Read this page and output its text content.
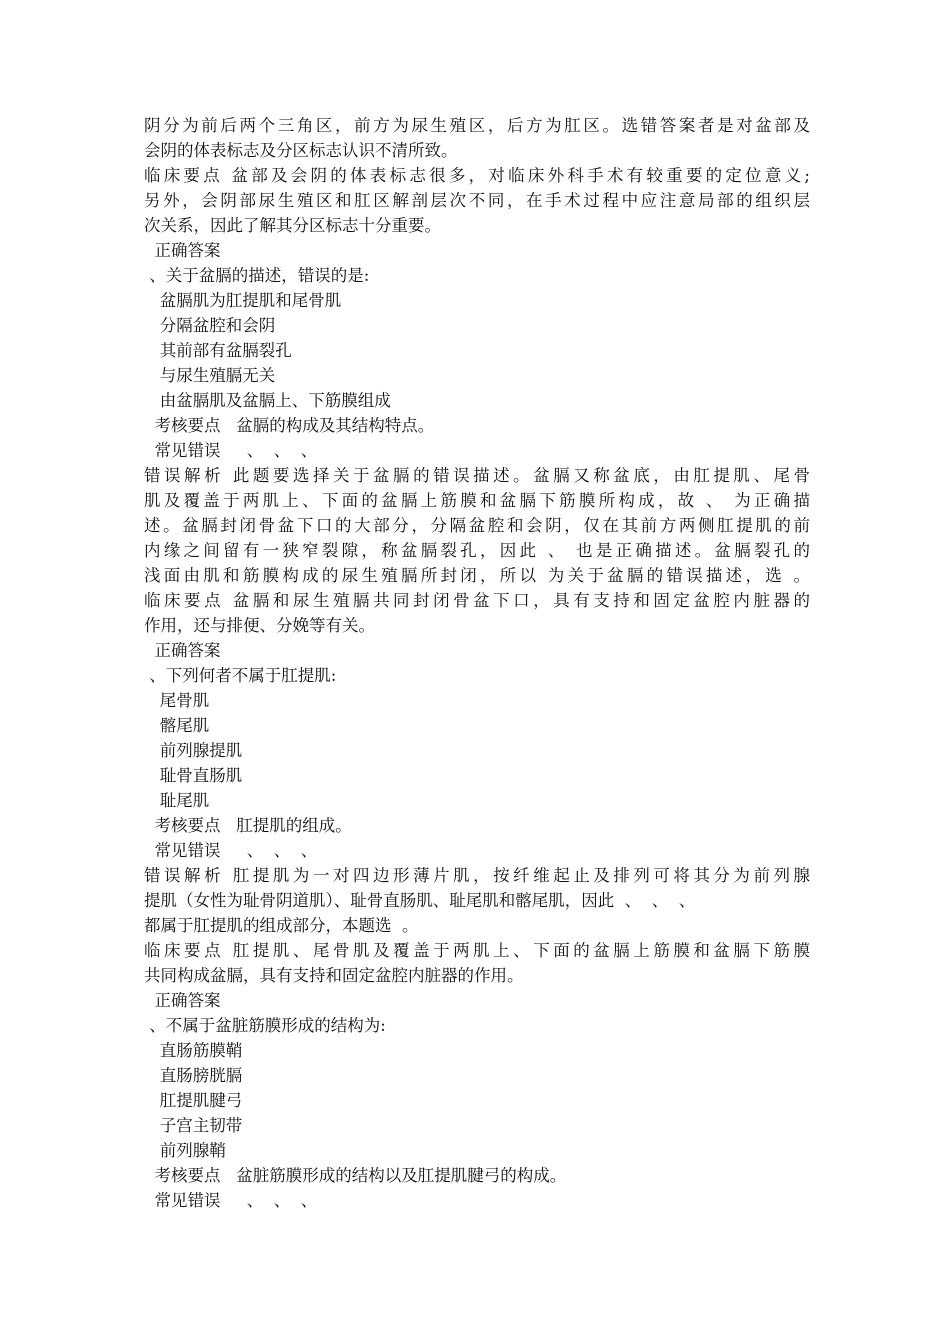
阴分为前后两个三角区，前方为尿生殖区，后方为肛区。选错答案者是对盆部及
会阴的体表标志及分区标志认识不清所致。
临床要点 盆部及会阴的体表标志很多，对临床外科手术有较重要的定位意义;
另外，会阴部尿生殖区和肛区解剖层次不同，在手术过程中应注意局部的组织层
次关系，因此了解其分区标志十分重要。
正确答案
、关于盆膈的描述，错误的是:
盆膈肌为肛提肌和尾骨肌
分隔盆腔和会阴
其前部有盆膈裂孔
与尿生殖膈无关
由盆膈肌及盆膈上、下筋膜组成
考核要点   盆膈的构成及其结构特点。
常见错误     、  、  、
错误解析 此题要选择关于盆膈的错误描述。盆膈又称盆底，由肛提肌、尾骨
肌及覆盖于两肌上、下面的盆膈上筋膜和盆膈下筋膜所构成，故 、 为正确描
述。盆膈封闭骨盆下口的大部分，分隔盆腔和会阴，仅在其前方两侧肛提肌的前
内缘之间留有一狭窄裂隙，称盆膈裂孔，因此 、 也是正确描述。盆膈裂孔的
浅面由肌和筋膜构成的尿生殖膈所封闭，所以 为关于盆膈的错误描述，选 。
临床要点 盆膈和尿生殖膈共同封闭骨盆下口，具有支持和固定盆腔内脏器的
作用，还与排便、分娩等有关。
正确答案
、下列何者不属于肛提肌:
尾骨肌
髂尾肌
前列腺提肌
耻骨直肠肌
耻尾肌
考核要点   肛提肌的组成。
常见错误     、  、  、
错误解析 肛提肌为一对四边形薄片肌，按纤维起止及排列可将其分为前列腺
提肌（女性为耻骨阴道肌）、耻骨直肠肌、耻尾肌和髂尾肌，因此  、  、  、
都属于肛提肌的组成部分，本题选  。
临床要点 肛提肌、尾骨肌及覆盖于两肌上、下面的盆膈上筋膜和盆膈下筋膜
共同构成盆膈，具有支持和固定盆腔内脏器的作用。
正确答案
、不属于盆脏筋膜形成的结构为:
直肠筋膜鞘
直肠膀胱膈
肛提肌腱弓
子宫主韧带
前列腺鞘
考核要点   盆脏筋膜形成的结构以及肛提肌腱弓的构成。
常见错误     、  、  、
